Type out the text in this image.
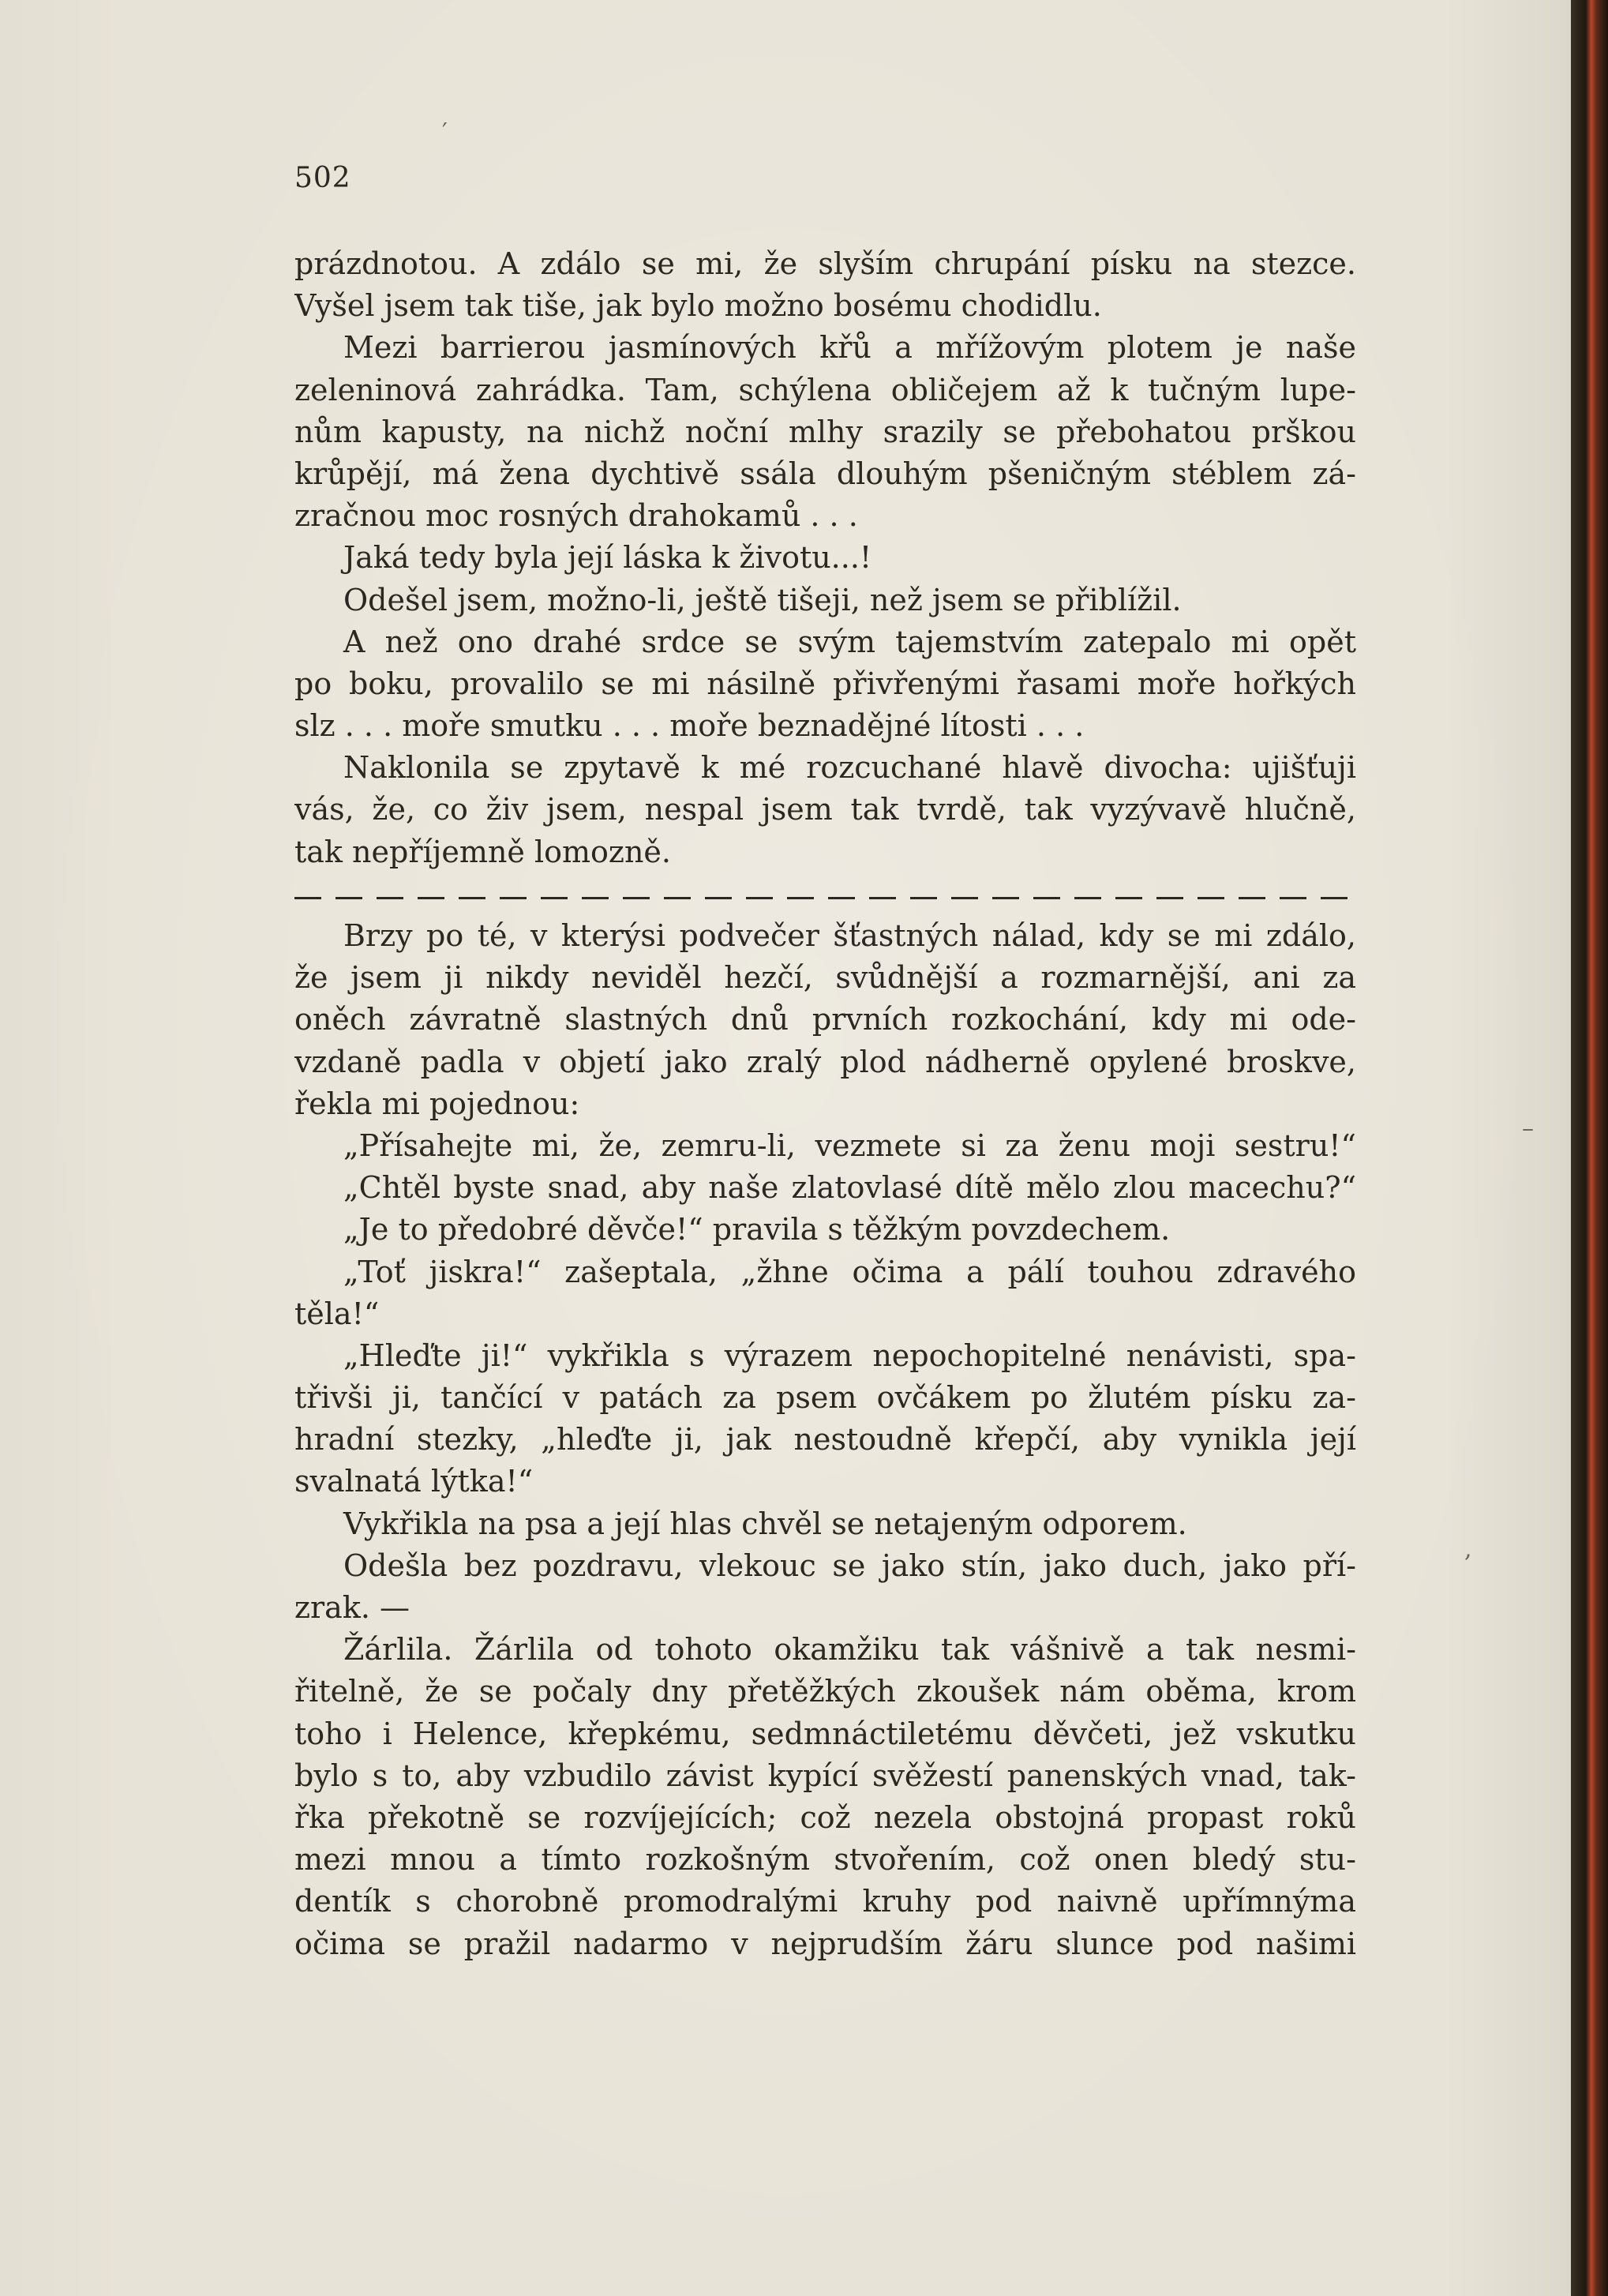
′
–
,

502

prázdnotou. A zdálo se mi, že slyším chrupání písku na stezce.

Vyšel jsem tak tiše, jak bylo možno bosému chodidlu.

Mezi barrierou jasmínových křů a mřížovým plotem je naše

zeleninová zahrádka. Tam, schýlena obličejem až k tučným lupe-

nům kapusty, na nichž noční mlhy srazily se přebohatou prškou

krůpějí, má žena dychtivě ssála dlouhým pšeničným stéblem zá-

zračnou moc rosných drahokamů . . .

Jaká tedy byla její láska k životu...!

Odešel jsem, možno-li, ještě tišeji, než jsem se přiblížil.

A než ono drahé srdce se svým tajemstvím zatepalo mi opět

po boku, provalilo se mi násilně přivřenými řasami moře hořkých

slz . . . moře smutku . . . moře beznadějné lítosti . . .

Naklonila se zpytavě k mé rozcuchané hlavě divocha: ujišťuji

vás, že, co živ jsem, nespal jsem tak tvrdě, tak vyzývavě hlučně,

tak nepříjemně lomozně.

Brzy po té, v kterýsi podvečer šťastných nálad, kdy se mi zdálo,

že jsem ji nikdy neviděl hezčí, svůdnější a rozmarnější, ani za

oněch závratně slastných dnů prvních rozkochání, kdy mi ode-

vzdaně padla v objetí jako zralý plod nádherně opylené broskve,

řekla mi pojednou:

„Přísahejte mi, že, zemru-li, vezmete si za ženu moji sestru!“

„Chtěl byste snad, aby naše zlatovlasé dítě mělo zlou macechu?“

„Je to předobré děvče!“ pravila s těžkým povzdechem.

„Toť jiskra!“ zašeptala, „žhne očima a pálí touhou zdravého

těla!“

„Hleďte ji!“ vykřikla s výrazem nepochopitelné nenávisti, spa-

třivši ji, tančící v patách za psem ovčákem po žlutém písku za-

hradní stezky, „hleďte ji, jak nestoudně křepčí, aby vynikla její

svalnatá lýtka!“

Vykřikla na psa a její hlas chvěl se netajeným odporem.

Odešla bez pozdravu, vlekouc se jako stín, jako duch, jako pří-

zrak. —

Žárlila. Žárlila od tohoto okamžiku tak vášnivě a tak nesmi-

řitelně, že se počaly dny přetěžkých zkoušek nám oběma, krom

toho i Helence, křepkému, sedmnáctiletému děvčeti, jež vskutku

bylo s to, aby vzbudilo závist kypící svěžestí panenských vnad, tak-

řka překotně se rozvíjejících; což nezela obstojná propast roků

mezi mnou a tímto rozkošným stvořením, což onen bledý stu-

dentík s chorobně promodralými kruhy pod naivně upřímnýma

očima se pražil nadarmo v nejprudším žáru slunce pod našimi
